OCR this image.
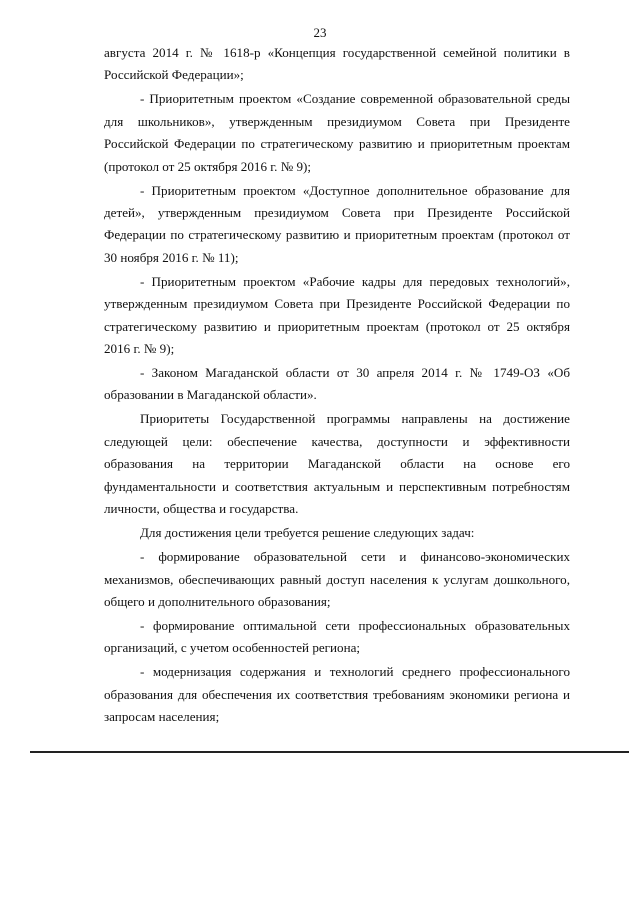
23

августа 2014 г. № 1618-р «Концепция государственной семейной политики в Российской Федерации»;

- Приоритетным проектом «Создание современной образовательной среды для школьников», утвержденным президиумом Совета при Президенте Российской Федерации по стратегическому развитию и приоритетным проектам (протокол от 25 октября 2016 г. № 9);

- Приоритетным проектом «Доступное дополнительное образование для детей», утвержденным президиумом Совета при Президенте Российской Федерации по стратегическому развитию и приоритетным проектам (протокол от 30 ноября 2016 г. № 11);

- Приоритетным проектом «Рабочие кадры для передовых технологий», утвержденным президиумом Совета при Президенте Российской Федерации по стратегическому развитию и приоритетным проектам (протокол от 25 октября 2016 г. № 9);

- Законом Магаданской области от 30 апреля 2014 г. № 1749-ОЗ «Об образовании в Магаданской области».

Приоритеты Государственной программы направлены на достижение следующей цели: обеспечение качества, доступности и эффективности образования на территории Магаданской области на основе его фундаментальности и соответствия актуальным и перспективным потребностям личности, общества и государства.

Для достижения цели требуется решение следующих задач:

- формирование образовательной сети и финансово-экономических механизмов, обеспечивающих равный доступ населения к услугам дошкольного, общего и дополнительного образования;

- формирование оптимальной сети профессиональных образовательных организаций, с учетом особенностей региона;

- модернизация содержания и технологий среднего профессионального образования для обеспечения их соответствия требованиям экономики региона и запросам населения;
